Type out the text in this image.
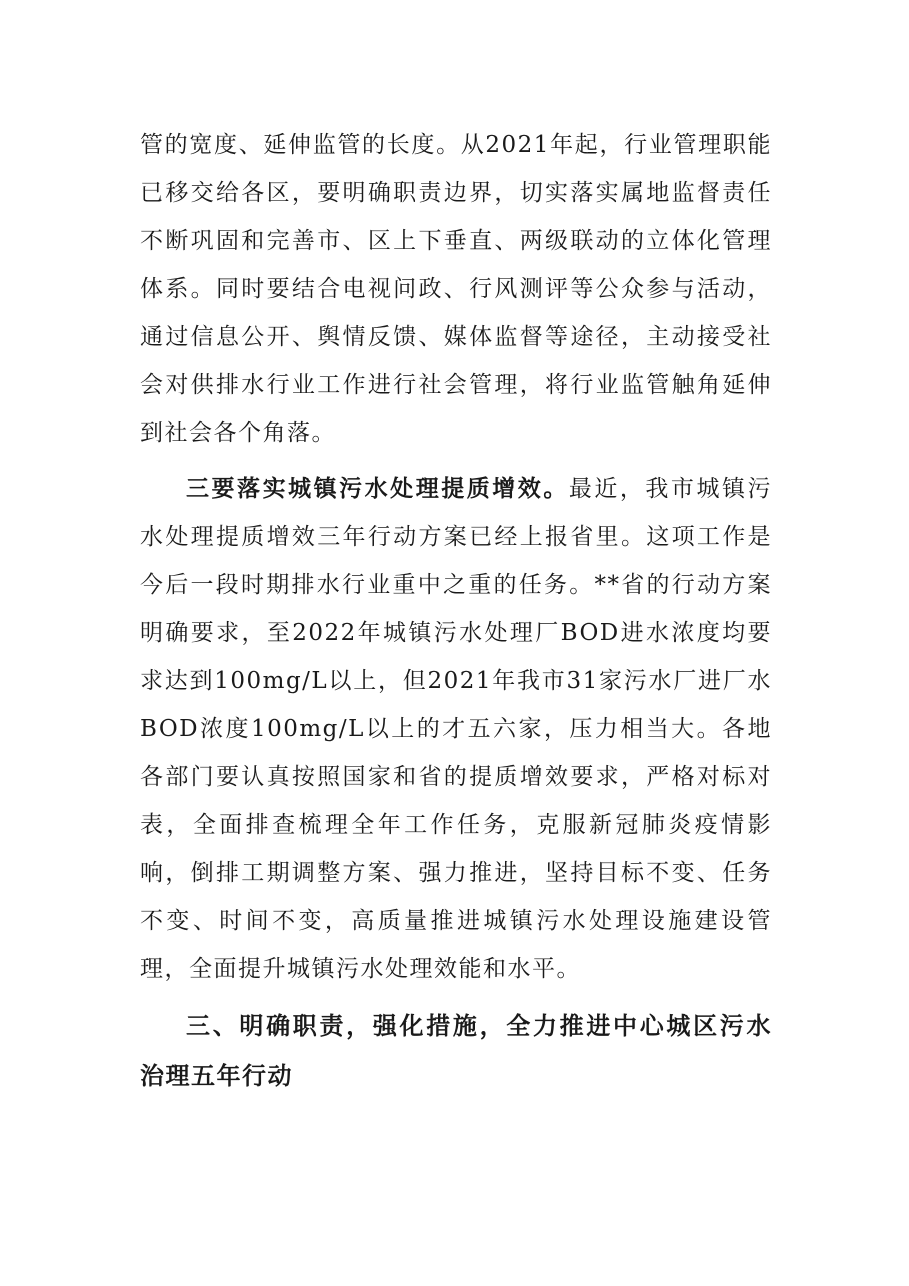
管的宽度、延伸监管的长度。从2021年起，行业管理职能已移交给各区，要明确职责边界，切实落实属地监督责任不断巩固和完善市、区上下垂直、两级联动的立体化管理体系。同时要结合电视问政、行风测评等公众参与活动，通过信息公开、舆情反馈、媒体监督等途径，主动接受社会对供排水行业工作进行社会管理，将行业监管触角延伸到社会各个角落。

三要落实城镇污水处理提质增效。最近，我市城镇污水处理提质增效三年行动方案已经上报省里。这项工作是今后一段时期排水行业重中之重的任务。**省的行动方案明确要求，至2022年城镇污水处理厂BOD进水浓度均要求达到100mg/L以上，但2021年我市31家污水厂进厂水BOD浓度100mg/L以上的才五六家，压力相当大。各地各部门要认真按照国家和省的提质增效要求，严格对标对表，全面排查梳理全年工作任务，克服新冠肺炎疫情影响，倒排工期调整方案、强力推进，坚持目标不变、任务不变、时间不变，高质量推进城镇污水处理设施建设管理，全面提升城镇污水处理效能和水平。

三、明确职责，强化措施，全力推进中心城区污水治理五年行动
